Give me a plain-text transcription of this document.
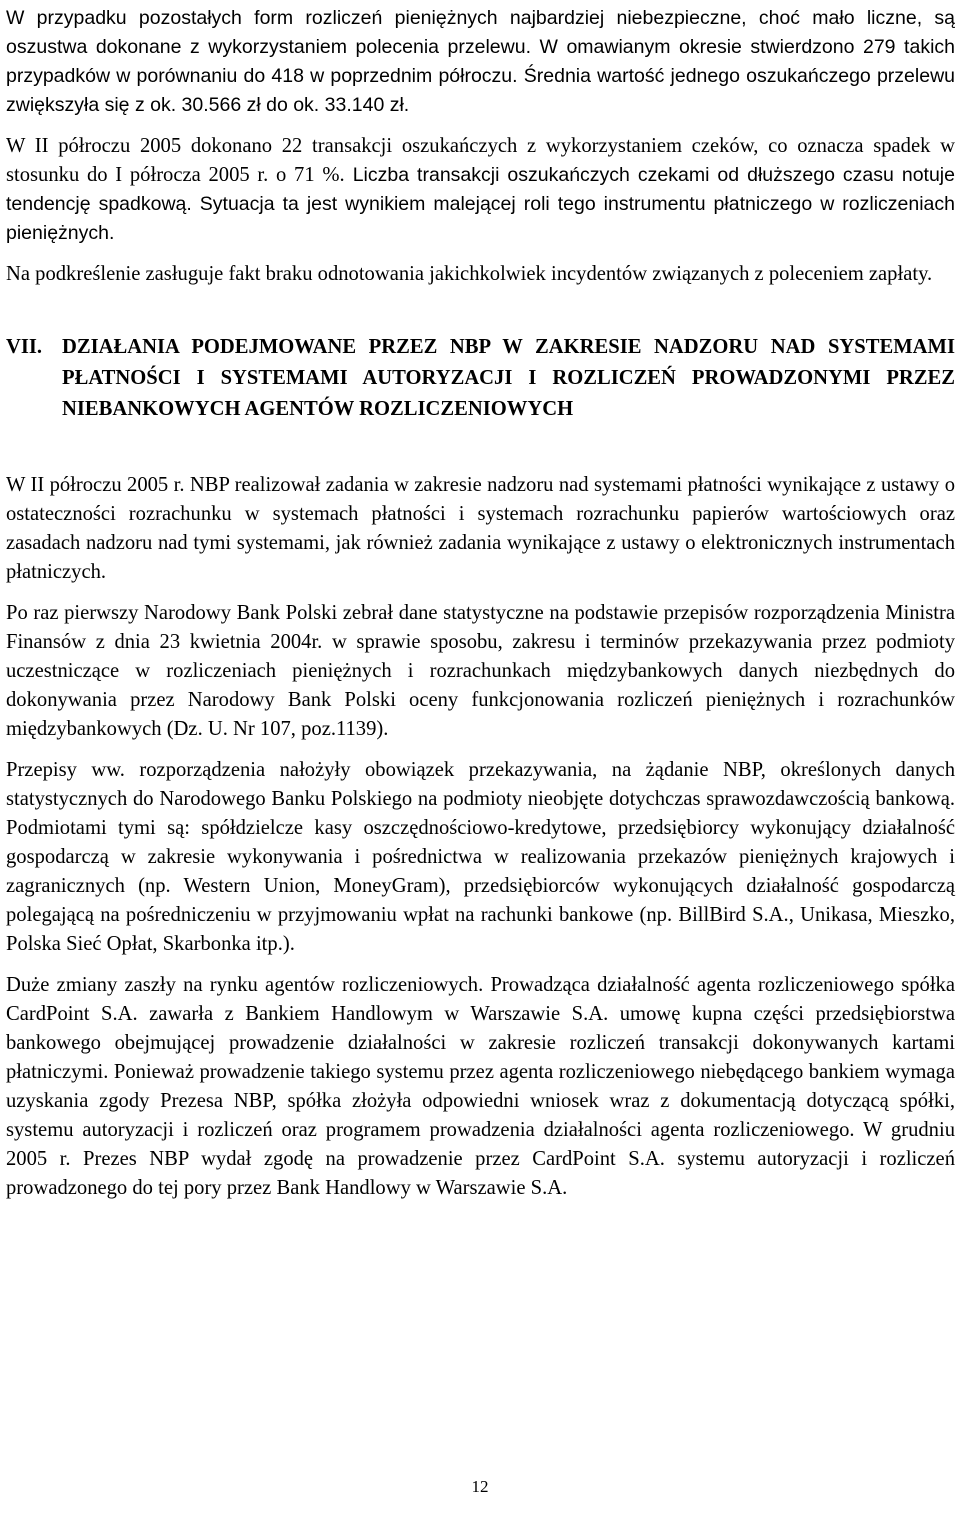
W przypadku pozostałych form rozliczeń pieniężnych najbardziej niebezpieczne, choć mało liczne, są oszustwa dokonane z wykorzystaniem polecenia przelewu. W omawianym okresie stwierdzono 279 takich przypadków w porównaniu do 418 w poprzednim półroczu. Średnia wartość jednego oszukańczego przelewu zwiększyła się z ok. 30.566 zł do ok. 33.140 zł.

W II półroczu 2005 dokonano 22 transakcji oszukańczych z wykorzystaniem czeków, co oznacza spadek w stosunku do I półrocza 2005 r. o 71 %. Liczba transakcji oszukańczych czekami od dłuższego czasu notuje tendencję spadkową. Sytuacja ta jest wynikiem malejącej roli tego instrumentu płatniczego w rozliczeniach pieniężnych.

Na podkreślenie zasługuje fakt braku odnotowania jakichkolwiek incydentów związanych z poleceniem zapłaty.

VII. DZIAŁANIA PODEJMOWANE PRZEZ NBP W ZAKRESIE NADZORU NAD SYSTEMAMI PŁATNOŚCI I SYSTEMAMI AUTORYZACJI I ROZLICZEŃ PROWADZONYMI PRZEZ NIEBANKOWYCH AGENTÓW ROZLICZENIOWYCH

W II półroczu 2005 r. NBP realizował zadania w zakresie nadzoru nad systemami płatności wynikające z ustawy o ostateczności rozrachunku w systemach płatności i systemach rozrachunku papierów wartościowych oraz zasadach nadzoru nad tymi systemami, jak również zadania wynikające z ustawy o elektronicznych instrumentach płatniczych.

Po raz pierwszy Narodowy Bank Polski zebrał dane statystyczne na podstawie przepisów rozporządzenia Ministra Finansów z dnia 23 kwietnia 2004r. w sprawie sposobu, zakresu i terminów przekazywania przez podmioty uczestniczące w rozliczeniach pieniężnych i rozrachunkach międzybankowych danych niezbędnych do dokonywania przez Narodowy Bank Polski oceny funkcjonowania rozliczeń pieniężnych i rozrachunków międzybankowych (Dz. U. Nr 107, poz.1139).

Przepisy ww. rozporządzenia nałożyły obowiązek przekazywania, na żądanie NBP, określonych danych statystycznych do Narodowego Banku Polskiego na podmioty nieobjęte dotychczas sprawozdawczością bankową. Podmiotami tymi są: spółdzielcze kasy oszczędnościowo-kredytowe, przedsiębiorcy wykonujący działalność gospodarczą w zakresie wykonywania i pośrednictwa w realizowania przekazów pieniężnych krajowych i zagranicznych (np. Western Union, MoneyGram), przedsiębiorców wykonujących działalność gospodarczą polegającą na pośredniczeniu w przyjmowaniu wpłat na rachunki bankowe (np. BillBird S.A., Unikasa, Mieszko, Polska Sieć Opłat, Skarbonka itp.).

Duże zmiany zaszły na rynku agentów rozliczeniowych. Prowadząca działalność agenta rozliczeniowego spółka CardPoint S.A. zawarła z Bankiem Handlowym w Warszawie S.A. umowę kupna części przedsiębiorstwa bankowego obejmującej prowadzenie działalności w zakresie rozliczeń transakcji dokonywanych kartami płatniczymi. Ponieważ prowadzenie takiego systemu przez agenta rozliczeniowego niebędącego bankiem wymaga uzyskania zgody Prezesa NBP, spółka złożyła odpowiedni wniosek wraz z dokumentacją dotyczącą spółki, systemu autoryzacji i rozliczeń oraz programem prowadzenia działalności agenta rozliczeniowego. W grudniu 2005 r. Prezes NBP wydał zgodę na prowadzenie przez CardPoint S.A. systemu autoryzacji i rozliczeń prowadzonego do tej pory przez Bank Handlowy w Warszawie S.A.

12
